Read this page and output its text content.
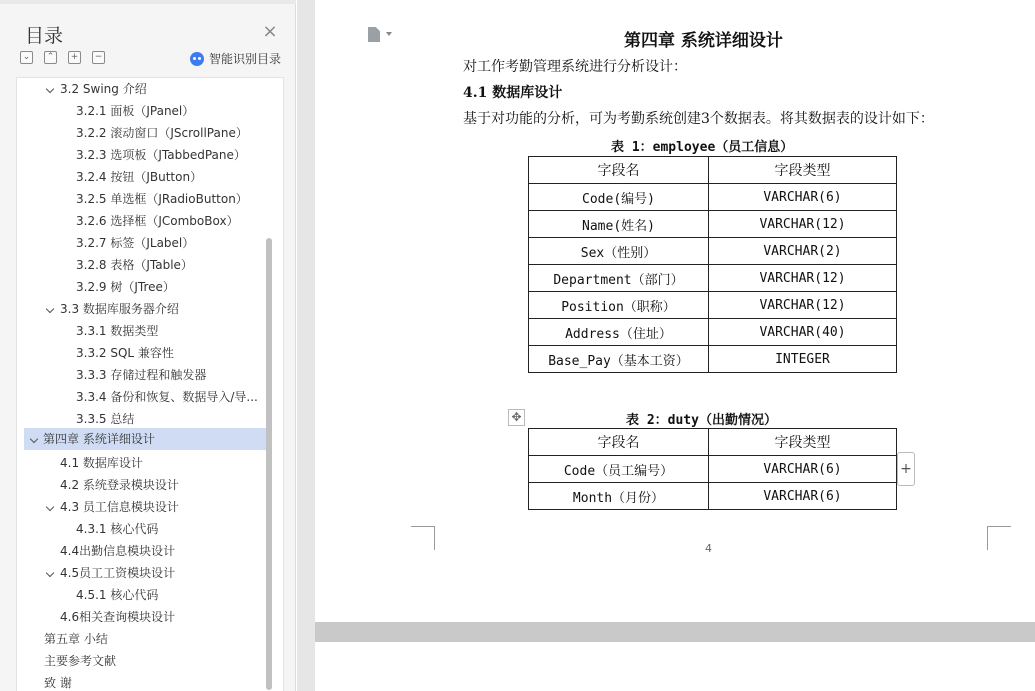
目录	×
⌄	⌃	+	−	智能识别目录
3.2 Swing 介绍
3.2.1 面板（JPanel）
3.2.2 滚动窗口（JScrollPane）
3.2.3 选项板（JTabbedPane）
3.2.4 按钮（JButton）
3.2.5 单选框（JRadioButton）
3.2.6 选择框（JComboBox）
3.2.7 标签（JLabel）
3.2.8 表格（JTable）
3.2.9 树（JTree）
3.3 数据库服务器介绍
3.3.1 数据类型
3.3.2 SQL 兼容性
3.3.3 存储过程和触发器
3.3.4 备份和恢复、数据导入/导...
3.3.5 总结
第四章 系统详细设计
4.1 数据库设计
4.2 系统登录模块设计
4.3 员工信息模块设计
4.3.1 核心代码
4.4出勤信息模块设计
4.5员工工资模块设计
4.5.1 核心代码
4.6相关查询模块设计
第五章 小结
主要参考文献
致 谢
第四章 系统详细设计
对工作考勤管理系统进行分析设计：
4.1 数据库设计
基于对功能的分析，可为考勤系统创建3个数据表。将其数据表的设计如下：
表 1：employee（员工信息）
字段名	字段类型
Code(编号)	VARCHAR(6)
Name(姓名)	VARCHAR(12)
Sex（性别）	VARCHAR(2)
Department（部门）	VARCHAR(12)
Position（职称）	VARCHAR(12)
Address（住址）	VARCHAR(40)
Base_Pay（基本工资）	INTEGER
✥	表 2：duty（出勤情况）
字段名	字段类型
Code（员工编号）	VARCHAR(6)
Month（月份）	VARCHAR(6)
+
4
